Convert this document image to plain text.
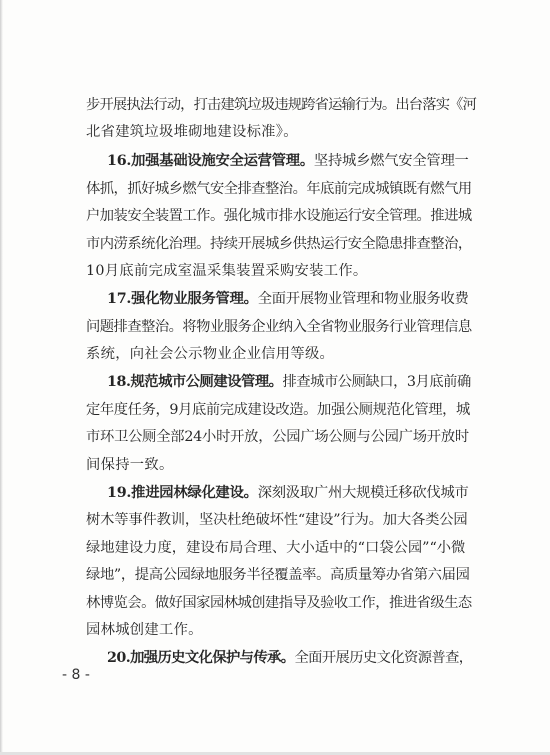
步开展执法行动，打击建筑垃圾违规跨省运输行为。出台落实《河
北省建筑垃圾堆砌地建设标准》。
16.加强基础设施安全运营管理。坚持城乡燃气安全管理一
体抓，抓好城乡燃气安全排查整治。年底前完成城镇既有燃气用
户加装安全装置工作。强化城市排水设施运行安全管理。推进城
市内涝系统化治理。持续开展城乡供热运行安全隐患排查整治，
10月底前完成室温采集装置采购安装工作。
17.强化物业服务管理。全面开展物业管理和物业服务收费
问题排查整治。将物业服务企业纳入全省物业服务行业管理信息
系统，向社会公示物业企业信用等级。
18.规范城市公厕建设管理。排查城市公厕缺口，3月底前确
定年度任务，9月底前完成建设改造。加强公厕规范化管理，城
市环卫公厕全部24小时开放，公园广场公厕与公园广场开放时
间保持一致。
19.推进园林绿化建设。深刻汲取广州大规模迁移砍伐城市
树木等事件教训，坚决杜绝破坏性“建设”行为。加大各类公园
绿地建设力度，建设布局合理、大小适中的“口袋公园”“小微
绿地”，提高公园绿地服务半径覆盖率。高质量筹办省第六届园
林博览会。做好国家园林城创建指导及验收工作，推进省级生态
园林城创建工作。
20.加强历史文化保护与传承。全面开展历史文化资源普查，
- 8 -
